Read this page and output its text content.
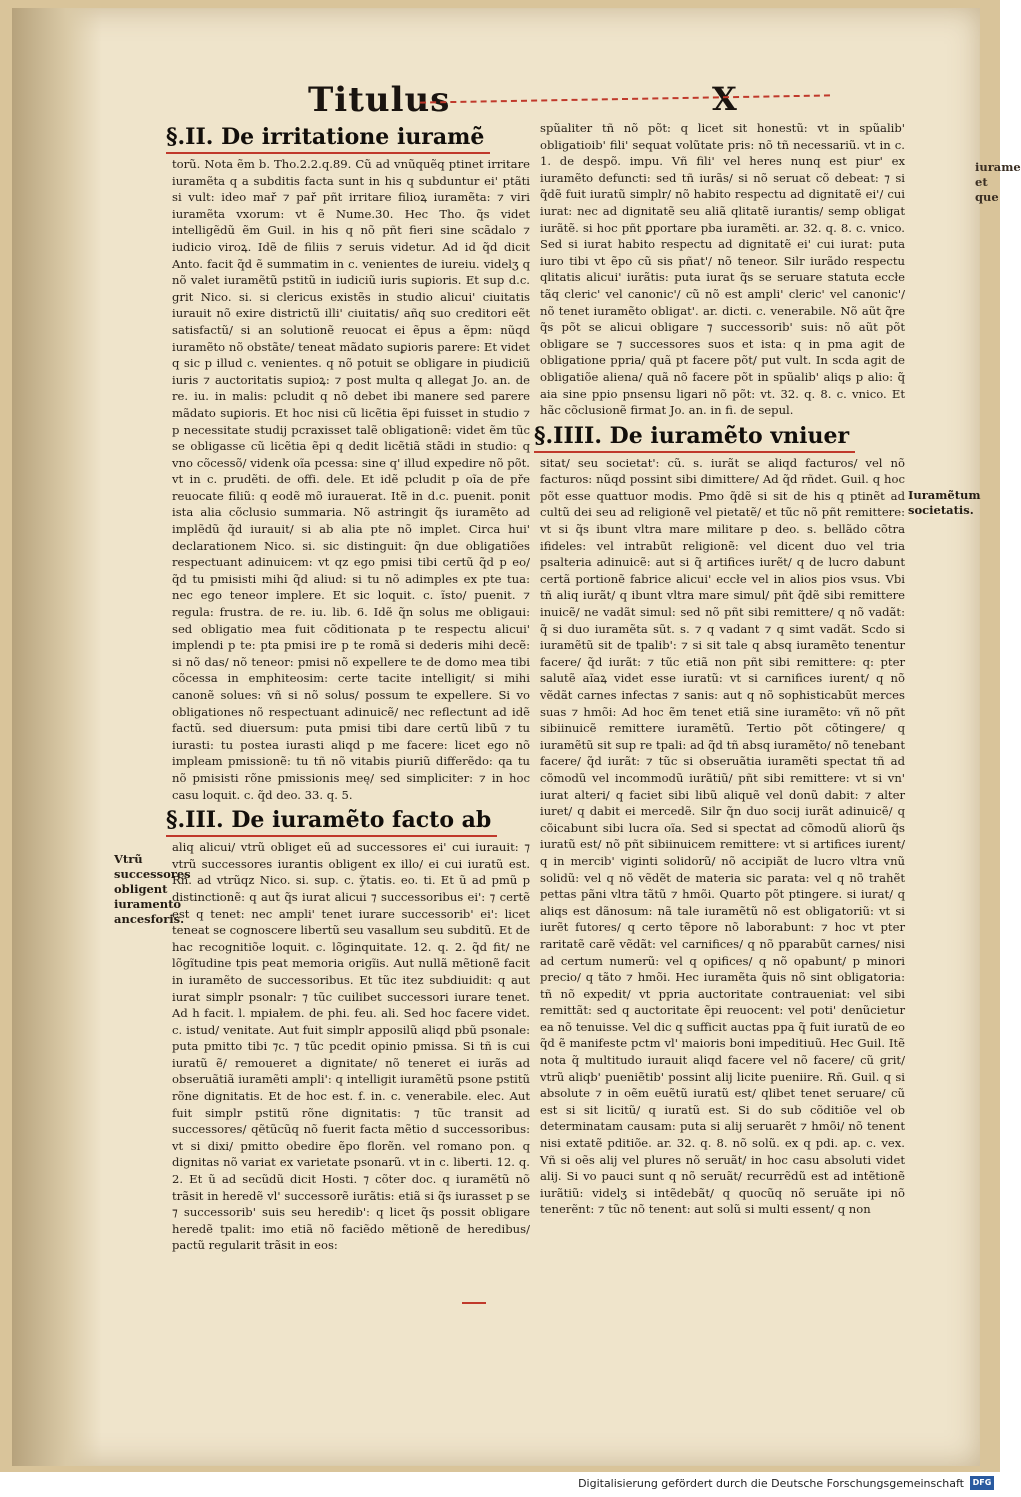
Titulus	X
§.II. De irritatione iuramẽ

torũ. Nota ẽm b. Tho.2.2.q.89. Cũ ad vnũquẽq ptinet irritare iuramẽta q a subditis facta sunt in his q subduntur ei' ptãti si vult: ideo mař ⁊ pař pñt irritare filioꝝ iuramẽta: ⁊ viri iuramẽta vxorum: vt ẽ Nume.30. Hec Tho. q̃s videt intelligẽdũ ẽm Guil. in his q nõ pñt fieri sine scãdalo ⁊ iudicio viroꝝ. Idẽ de filiis ⁊ seruis videtur. Ad id q̃d dicit Anto. facit q̃d ẽ summatim in c. venientes de iureiu. videlʒ q nõ valet iuramẽtũ pstitũ in iudiciũ iuris suꝑioris. Et sup d.c. grit Nico. si. si clericus existẽs in studio alicui' ciuitatis iurauit nõ exire districtũ illi' ciuitatis/ añq suo creditori eẽt satisfactũ/ si an solutionẽ reuocat ei ẽpus a ẽpm: nũqd iuramẽto nõ obstãte/ teneat mãdato suꝑioris parere: Et videt q sic p illud c. venientes. q nõ potuit se obligare in piudiciũ iuris ⁊ auctoritatis supioꝝ: ⁊ post multa q allegat Jo. an. de re. iu. in malis: pcludit q nõ debet ibi manere sed parere mãdato suꝑioris. Et hoc nisi cũ licẽtia ẽpi fuisset in studio ⁊ p necessitate studij pcraxisset talẽ obligationẽ: videt ẽm tũc se obligasse cũ licẽtia ẽpi q dedit licẽtiã stãdi in studio: q vno cõcessõ/ videnk oĩa pcessa: sine q' illud expedire nõ põt. vt in c. prudẽti. de offi. dele. Et idẽ pcludit p oĩa de pře reuocate filiũ: q eodẽ mõ iurauerat. Itẽ in d.c. puenit. ponit ista alia cõclusio summaria. Nõ astringit q̃s iuramẽto ad implẽdũ q̃d iurauit/ si ab alia pte nõ implet. Circa hui' declarationem Nico. si. sic distinguit: q̃n due obligatiões respectuant adinuicem: vt qz ego pmisi tibi certũ q̃d p eo/ q̃d tu pmisisti mihi q̃d aliud: si tu nõ adimples ex pte tua: nec ego teneor implere. Et sic loquit. c. ĩsto/ puenit. ⁊ regula: frustra. de re. iu. lib. 6. Idẽ q̃n solus me obligaui: sed obligatio mea fuit cõditionata p te respectu alicui' implendi p te: pta pmisi ire p te romã si dederis mihi decẽ: si nõ das/ nõ teneor: pmisi nõ expellere te de domo mea tibi cõcessa in emphiteosim: certe tacite intelligit/ si mihi canonẽ solues: vñ si nõ solus/ possum te expellere. Si vo obligationes nõ respectuant adinuicẽ/ nec reflectunt ad idẽ factũ. sed diuersum: puta pmisi tibi dare certũ libũ ⁊ tu iurasti: tu postea iurasti aliqd p me facere: licet ego nõ impleam pmissionẽ: tu tñ nõ vitabis piuriũ differẽdo: qa tu nõ pmisisti rõne pmissionis meę/ sed simpliciter: ⁊ in hoc casu loquit. c. q̃d deo. 33. q. 5.

§.III. De iuramẽto facto ab

aliq alicui/ vtrũ obliget eũ ad successores ei' cui iurauit: ⁊ vtrũ successores iurantis obligent ex illo/ ei cui iuratũ est. Rñ. ad vtrũqz Nico. si. sup. c. ỹtatis. eo. ti. Et ũ ad pmũ p distinctionẽ: q aut q̃s iurat alicui ⁊ successoribus ei': ⁊ certẽ est q tenet: nec ampli' tenet iurare successorib' ei': licet teneat se cognoscere libertũ seu vasallum seu subditũ. Et de hac recognitiõe loquit. c. lõginquitate. 12. q. 2. q̃d fit/ ne lõgĩtudine tpis peat memoria origĩis. Aut nullã mẽtionẽ facit in iuramẽto de successoribus. Et tũc itez subdiuidit: q aut iurat simplr psonalr: ⁊ tũc cuilibet successori iurare tenet. Ad h facit. l. mpiałem. de phi. feu. ali. Sed hoc facere videt. c. istud/ venitate. Aut fuit simplr apposilũ aliqd pbũ psonale: puta pmitto tibi ⁊c. ⁊ tũc pcedit opinio pmissa. Si tñ is cui iuratũ ẽ/ remoueret a dignitate/ nõ teneret ei iurãs ad obseruãtiã iuramẽti ampli': q intelligit iuramẽtũ psone pstitũ rõne dignitatis. Et de hoc est. f. in. c. venerabile. elec. Aut fuit simplr pstitũ rõne dignitatis: ⁊ tũc transit ad successores/ qẽtũcũq nõ fuerit facta mẽtio d successoribus: vt si dixi/ pmitto obedire ẽpo florẽn. vel romano pon. q dignitas nõ variat ex varietate psonarũ. vt in c. liberti. 12. q. 2. Et ũ ad secũdũ dicit Hosti. ⁊ cõter doc. q iuramẽtũ nõ trãsit in heredẽ vl' successorẽ iurãtis: etiã si q̃s iurasset p se ⁊ successorib' suis seu heredib': q licet q̃s possit obligare heredẽ tpalit: imo etiã nõ faciẽdo mẽtionẽ de heredibus/ pactũ regularit trãsit in eos:

spũaliter tñ nõ põt: q licet sit honestũ: vt in spũalib' obligatioib' fili' sequat volũtate pris: nõ tñ necessariũ. vt in c. 1. de despõ. impu. Vñ fili' vel heres nunq est piur' ex iuramẽto defuncti: sed tñ iurãs/ si nõ seruat cõ debeat: ⁊ si q̃dẽ fuit iuratũ simplr/ nõ habito respectu ad dignitatẽ ei'/ cui iurat: nec ad dignitatẽ seu aliã qlitatẽ iurantis/ semp obligat iurãtẽ. si hoc pñt ꝑportare pba iuramẽti. ar. 32. q. 8. c. vnico. Sed si iurat habito respectu ad dignitatẽ ei' cui iurat: puta iuro tibi vt ẽpo cũ sis pñat'/ nõ teneor. Silr iurãdo respectu qlitatis alicui' iurãtis: puta iurat q̃s se seruare statuta eccłe tãq cleric' vel canonic'/ cũ nõ est ampli' cleric' vel canonic'/ nõ tenet iuramẽto obligat'. ar. dicti. c. venerabile. Nõ aũt q̃re q̃s põt se alicui obligare ⁊ successorib' suis: nõ aũt põt obligare se ⁊ successores suos et ista: q in pma agit de obligatione ppria/ quã pt facere põt/ put vult. In scda agit de obligatiõe aliena/ quã nõ facere põt in spũalib' aliqs p alio: q̃ aia sine ppio pnsensu ligari nõ põt: vt. 32. q. 8. c. vnico. Et hãc cõclusionẽ firmat Jo. an. in fi. de sepul.

§.IIII. De iuramẽto vniuer

sitat/ seu societat': cũ. s. iurãt se aliqd facturos/ vel nõ facturos: nũqd possint sibi dimittere/ Ad q̃d rñdet. Guil. q hoc põt esse quattuor modis. Pmo q̃dẽ si sit de his q ptinẽt ad cultũ dei seu ad religionẽ vel pietatẽ/ et tũc nõ pñt remittere: vt si q̃s ibunt vltra mare militare p deo. s. bellãdo cõtra ifideles: vel intrabũt religionẽ: vel dicent duo vel tria psalteria adinuicẽ: aut si q̃ artifices iurẽt/ q de lucro dabunt certã portionẽ fabrice alicui' eccłe vel in alios pios vsus. Vbi tñ aliq iurãt/ q ibunt vltra mare simul/ pñt q̃dẽ sibi remittere inuicẽ/ ne vadãt simul: sed nõ pñt sibi remittere/ q nõ vadãt: q̃ si duo iuramẽta sũt. s. ⁊ q vadant ⁊ q simt vadãt. Scdo si iuramẽtũ sit de tpalib': ⁊ si sit tale q absq iuramẽto tenentur facere/ q̃d iurãt: ⁊ tũc etiã non pñt sibi remittere: q: pter salutẽ aĩaꝝ videt esse iuratũ: vt si carnifices iurent/ q nõ vẽdãt carnes infectas ⁊ sanis: aut q nõ sophisticabũt merces suas ⁊ hmõi: Ad hoc ẽm tenet etiã sine iuramẽto: vñ nõ pñt sibiinuicẽ remittere iuramẽtũ. Tertio põt cõtingere/ q iuramẽtũ sit sup re tpali: ad q̃d tñ absq iuramẽto/ nõ tenebant facere/ q̃d iurãt: ⁊ tũc si obseruãtia iuramẽti spectat tñ ad cõmodũ vel incommodũ iurãtiũ/ pñt sibi remittere: vt si vn' iurat alteri/ q faciet sibi libũ aliquẽ vel donũ dabit: ⁊ alter iuret/ q dabit ei mercedẽ. Silr q̃n duo socij iurãt adinuicẽ/ q cõicabunt sibi lucra oĩa. Sed si spectat ad cõmodũ aliorũ q̃s iuratũ est/ nõ pñt sibiinuicem remittere: vt si artifices iurent/ q in mercib' viginti solidorũ/ nõ accipiãt de lucro vltra vnũ solidũ: vel q nõ vẽdẽt de materia sic parata: vel q nõ trahẽt pettas pãni vltra tãtũ ⁊ hmõi. Quarto põt ptingere. si iurat/ q aliqs est dãnosum: nã tale iuramẽtũ nõ est obligatoriũ: vt si iurẽt futores/ q certo tẽpore nõ laborabunt: ⁊ hoc vt pter raritatẽ carẽ vẽdãt: vel carnifices/ q nõ pparabũt carnes/ nisi ad certum numerũ: vel q opifices/ q nõ opabunt/ p minori precio/ q tãto ⁊ hmõi. Hec iuramẽta q̃uis nõ sint obligatoria: tñ nõ expedit/ vt ppria auctoritate contraueniat: vel sibi remittãt: sed q auctoritate ẽpi reuocent: vel poti' denũcietur ea nõ tenuisse. Vel dic q sufficit auctas ppa q̃ fuit iuratũ de eo q̃d ẽ manifeste pctm vl' maioris boni impeditiuũ. Hec Guil. Itẽ nota q̃ multitudo iurauit aliqd facere vel nõ facere/ cũ grit/ vtrũ aliqb' pueniẽtib' possint alij licite pueniire. Rñ. Guil. q si absolute ⁊ in oẽm euẽtũ iuratũ est/ qlibet tenet seruare/ cũ est si sit licitũ/ q iuratũ est. Si do sub cõditiõe vel ob determinatam causam: puta si alij seruarẽt ⁊ hmõi/ nõ tenent nisi extatẽ pditiõe. ar. 32. q. 8. nõ solũ. ex q pdi. ap. c. vex. Vñ si oẽs alij vel plures nõ seruãt/ in hoc casu absoluti videt alij. Si vo pauci sunt q nõ seruãt/ recurrẽdũ est ad intẽtionẽ iurãtiũ: videlʒ si intẽdebãt/ q quocũq nõ seruãte ipi nõ tenerẽnt: ⁊ tũc nõ tenent: aut solũ si multi essent/ q non

Vtrũ successores obligent iuramento ancesforis.
Iuramẽtum societatis.
iurame et que
Digitalisierung gefördert durch die Deutsche Forschungsgemeinschaft	DFG
